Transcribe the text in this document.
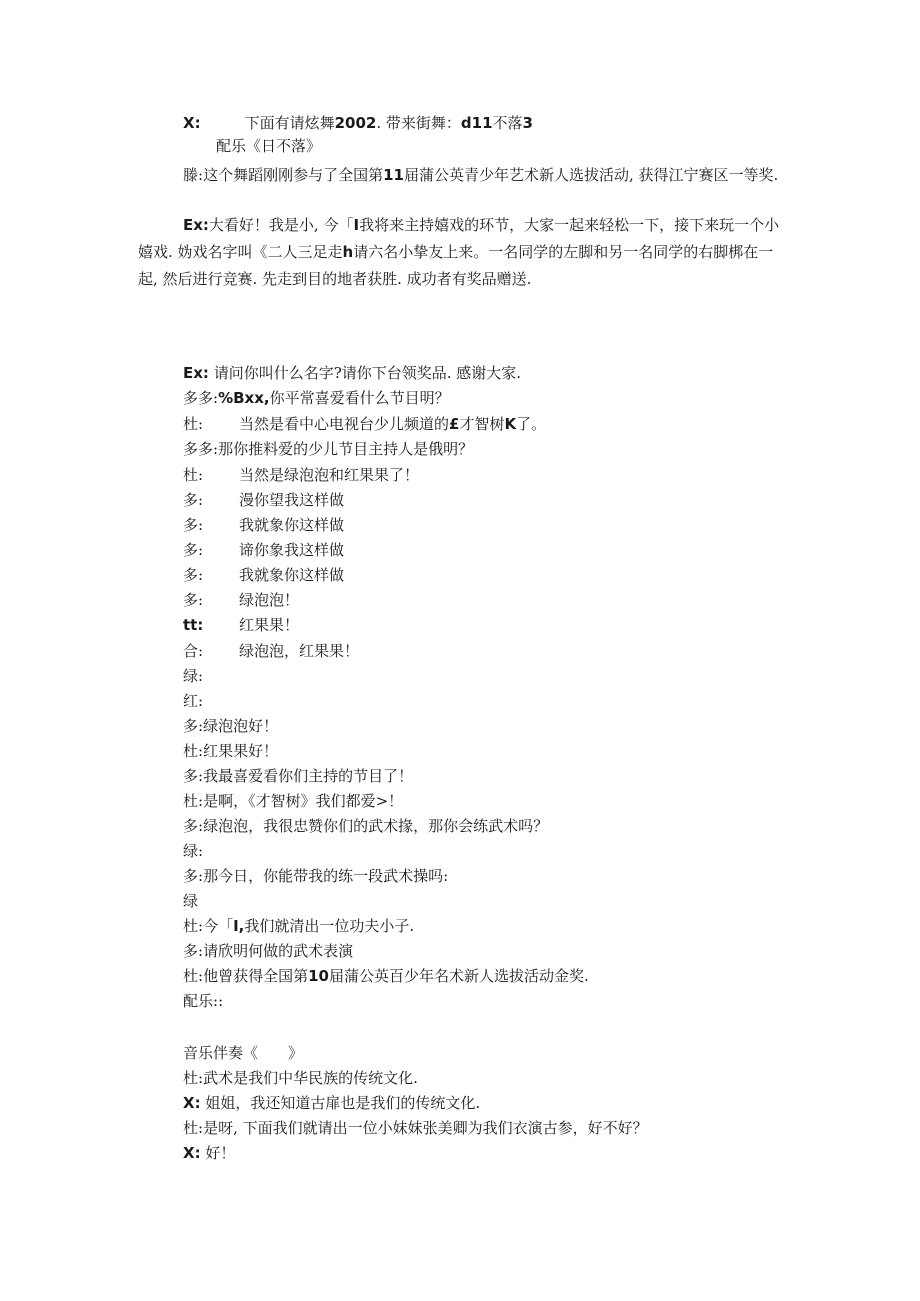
X:	下面有请炫舞2002. 带来街舞：d11不落3
配乐《日不落》
滕:这个舞蹈刚刚参与了全国第11届蒲公英青少年艺术新人选拔活动, 获得江宁赛区一等奖.
Ex:大看好！我是小, 今「I我将来主持嬉戏的环节，大家一起来轻松一下，接下来玩一个小嬉戏. 妫戏名字叫《二人三足走h请六名小挚友上来。一名同学的左脚和另一名同学的右脚梆在一起, 然后进行竞赛. 先走到目的地者获胜. 成功者有奖品赠送.
Ex: 请问你叫什么名字?请你下台领奖品. 感谢大家.
多多:%Bxx,你平常喜爱看什么节目明？
杜: 当然是看中心电视台少儿频道的£才智树K了。
多多:那你推料爱的少儿节目主持人是俄明？
杜: 当然是绿泡泡和红果果了！
多: 漫你望我这样做
多: 我就象你这样做
多: 谛你象我这样做
多: 我就象你这样做
多: 绿泡泡！
tt: 红果果！
合: 绿泡泡，红果果！
绿:
红:
多:绿泡泡好！
杜:红果果好！
多:我最喜爱看你们主持的节目了！
杜:是啊，《才智树》我们都爱>！
多:绿泡泡，我很忠赞你们的武术掾，那你会练武术吗？
绿:
多:那今日，你能带我的练一段武术操吗:
绿
杜:今「I,我们就清出一位功夫小子.
多:请欣明何做的武术表演
杜:他曾获得全国第10届蒲公英百少年名术新人选拔活动金奖.
配乐::
音乐伴奏《　　》
杜:武术是我们中华民族的传统文化.
X: 姐姐，我还知道古扉也是我们的传统文化.
杜:是呀, 下面我们就请出一位小妹妹张美卿为我们衣演古参，好不好？
X: 好！
